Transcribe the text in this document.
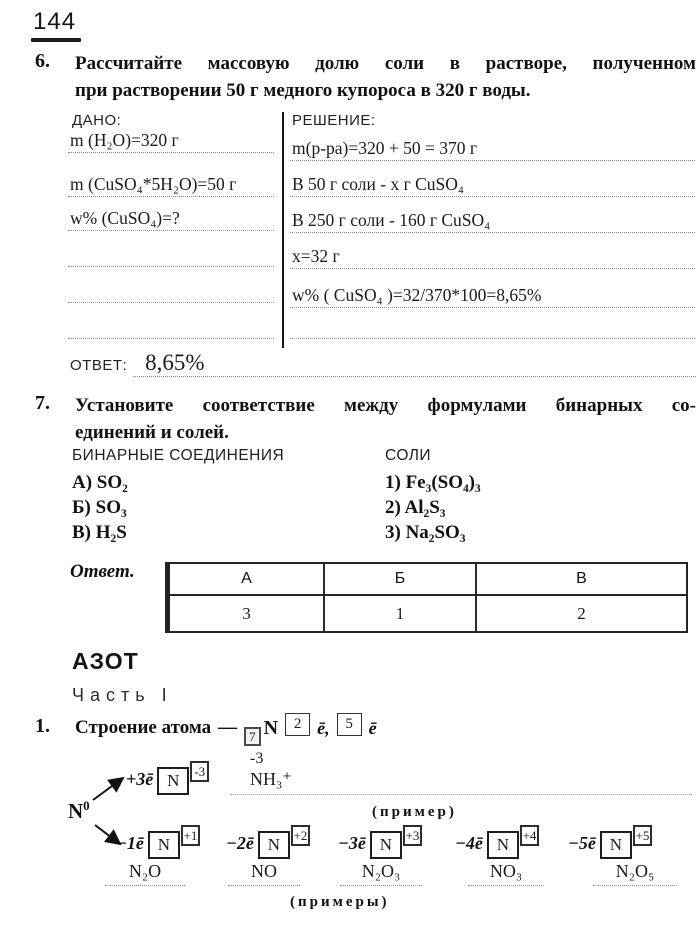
144
6. Рассчитайте массовую долю соли в растворе, полученном
при растворении 50 г медного купороса в 320 г воды.
ДАНО:	РЕШЕНИЕ:
m (H₂O)=320 г
m (CuSO₄*5H₂O)=50 г
w% (CuSO₄)=?
m(р-ра)=320 + 50 = 370 г
В 50 г соли - х г CuSO₄
В 250 г соли - 160 г CuSO₄
х=32 г
w% ( CuSO₄ )=32/370*100=8,65%
ОТВЕТ: 8,65%
7. Установите соответствие между формулами бинарных со-
единений и солей.
БИНАРНЫЕ СОЕДИНЕНИЯ	СОЛИ
А) SO₂
Б) SO₃
В) H₂S
1) Fe₃(SO₄)₃
2) Al₂S₃
3) Na₂SO₃
Ответ.	А	Б	В
3	1	2
АЗОТ
Часть I
1. Строение атома — 7 N	2 ē,	5 ē
$N^0$
+3ē N	-3
-3
NH₃⁺
(пример)
−1ē N	+1 −2ē N	+2 −3ē N	+3 −4ē N	+4 −5ē N	+5
N₂O	NO	N₂O₃	NO₃	N₂O₅
(примеры)
